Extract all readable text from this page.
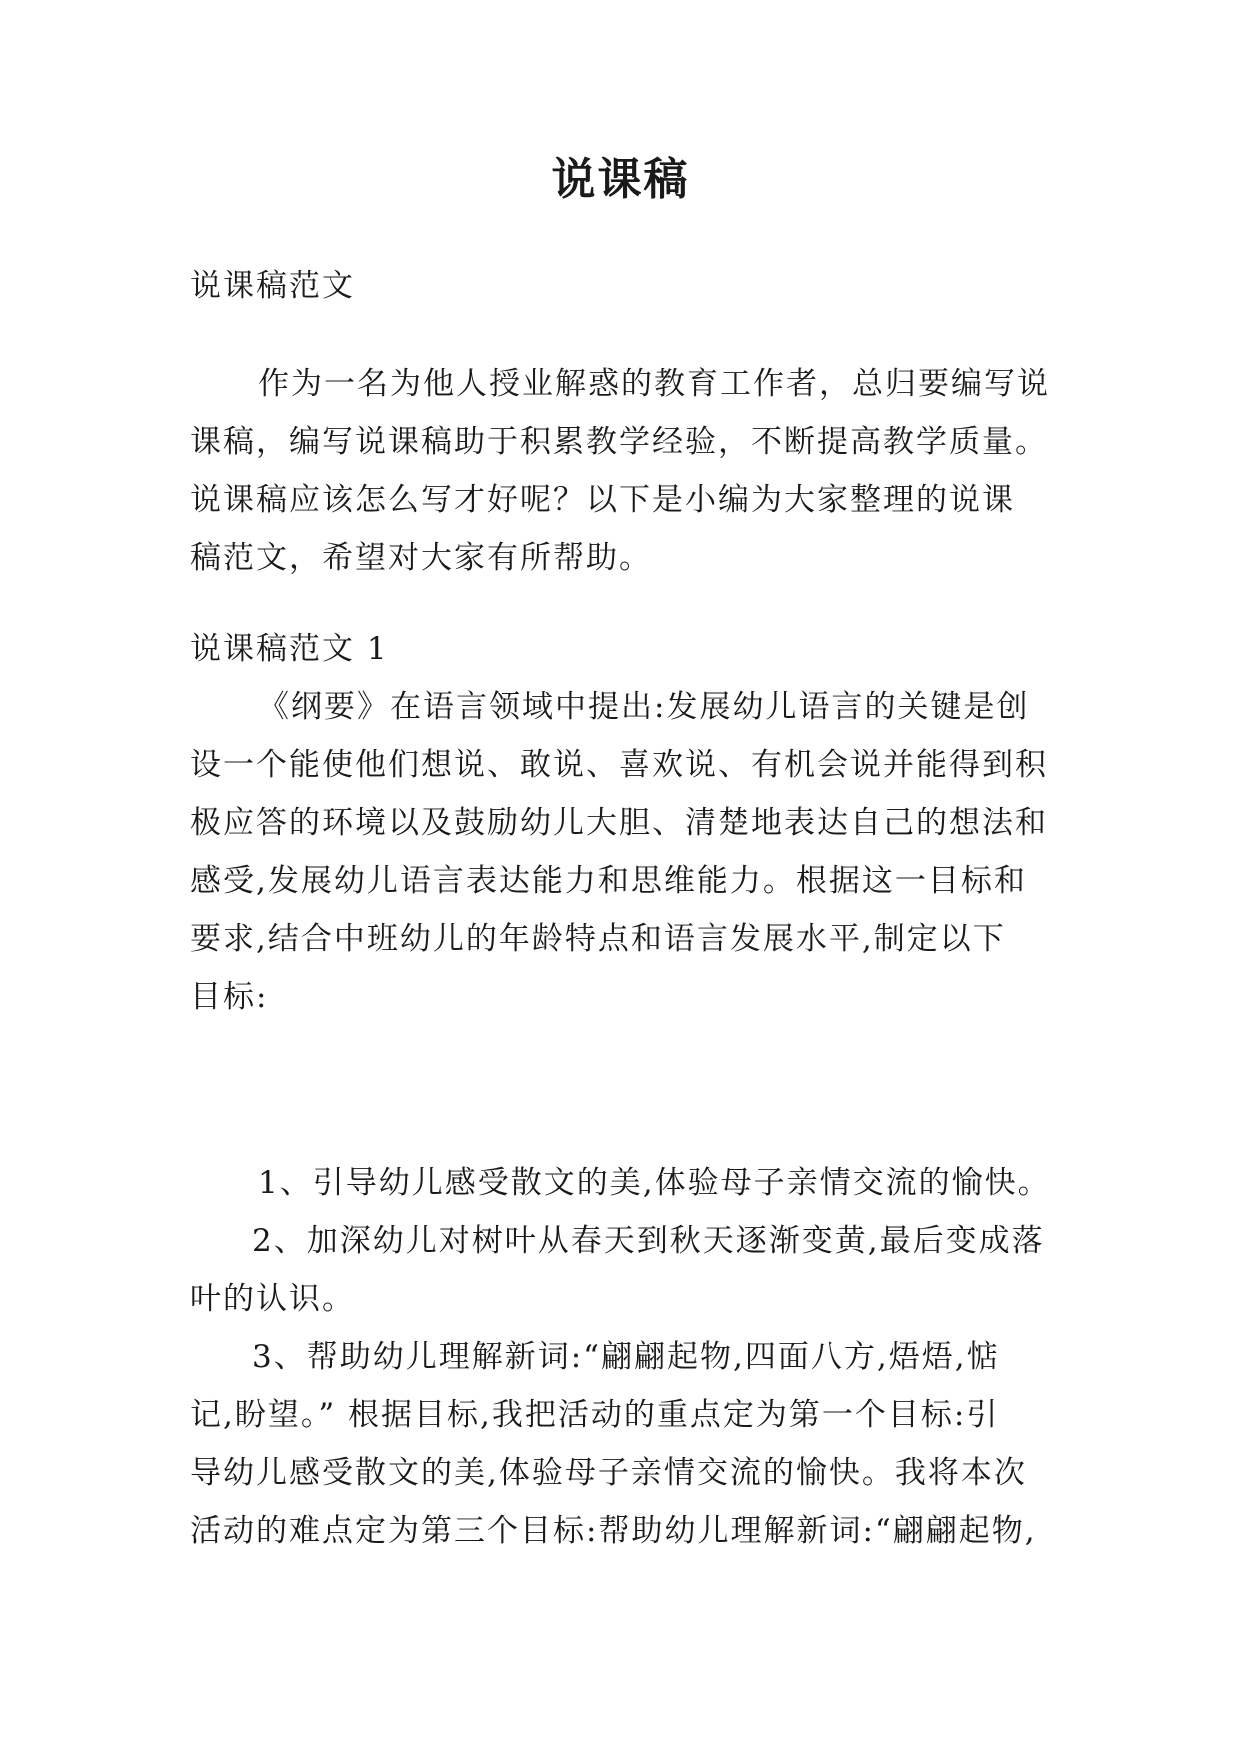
说课稿
说课稿范文
作为一名为他人授业解惑的教育工作者，总归要编写说
课稿，编写说课稿助于积累教学经验，不断提高教学质量。
说课稿应该怎么写才好呢？以下是小编为大家整理的说课
稿范文，希望对大家有所帮助。
说课稿范文 1
《纲要》在语言领域中提出:发展幼儿语言的关键是创
设一个能使他们想说、敢说、喜欢说、有机会说并能得到积
极应答的环境以及鼓励幼儿大胆、清楚地表达自己的想法和
感受,发展幼儿语言表达能力和思维能力。根据这一目标和
要求,结合中班幼儿的年龄特点和语言发展水平,制定以下
目标:
1、引导幼儿感受散文的美,体验母子亲情交流的愉快。
2、加深幼儿对树叶从春天到秋天逐渐变黄,最后变成落
叶的认识。
3、帮助幼儿理解新词:“翩翩起物,四面八方,焐焐,惦
记,盼望。” 根据目标,我把活动的重点定为第一个目标:引
导幼儿感受散文的美,体验母子亲情交流的愉快。我将本次
活动的难点定为第三个目标:帮助幼儿理解新词:“翩翩起物,
